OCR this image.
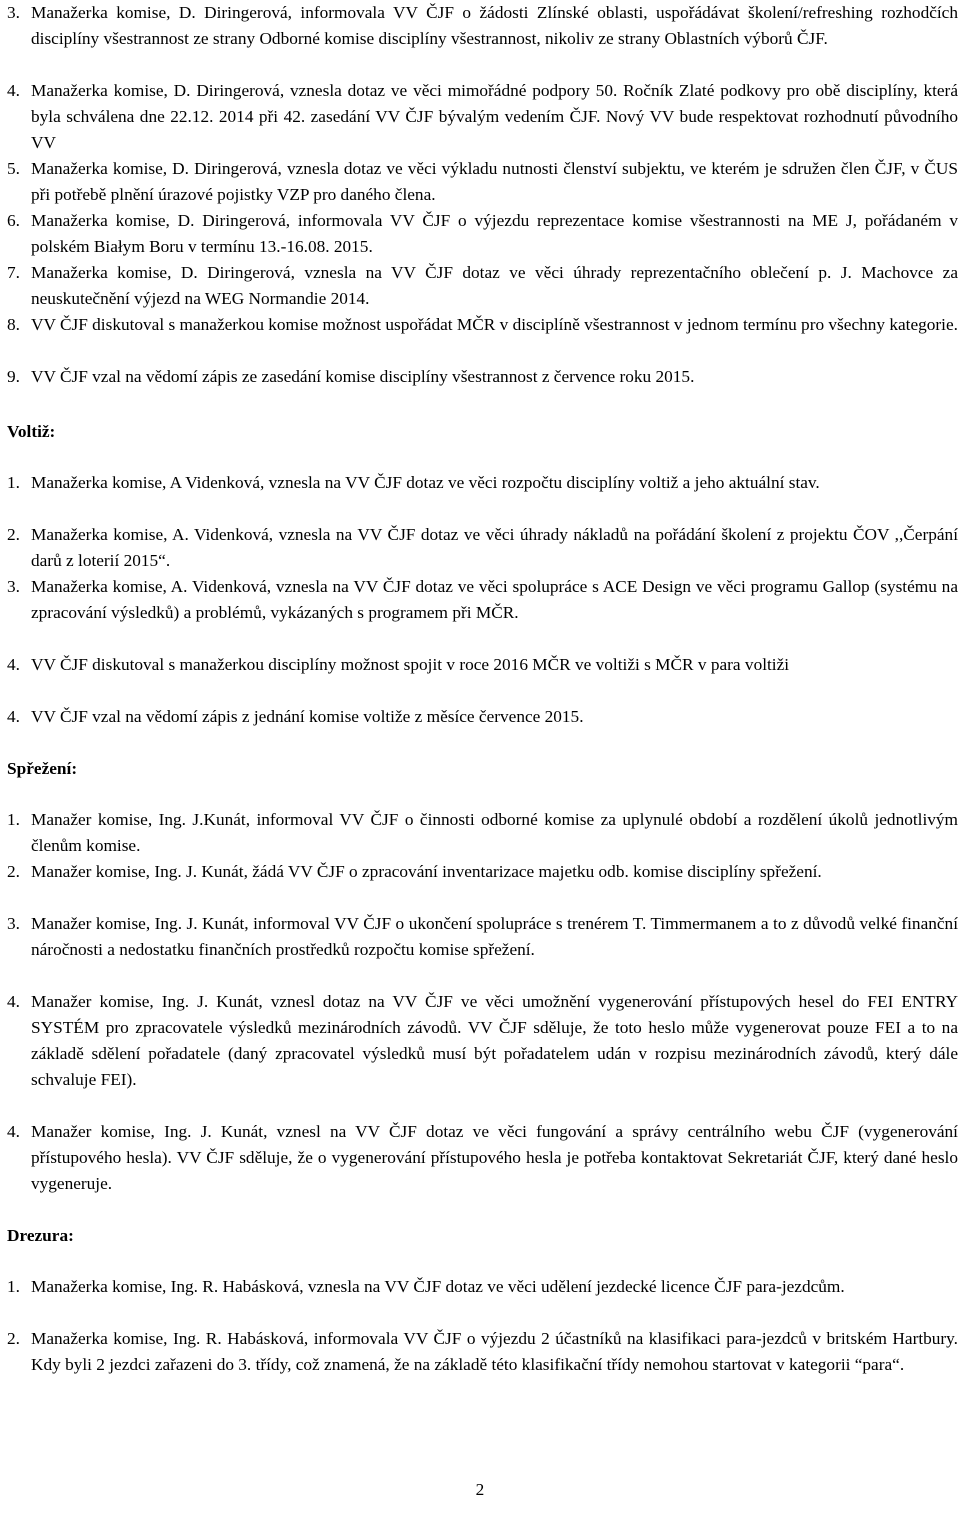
3. Manažerka komise, D. Diringerová, informovala VV ČJF o žádosti Zlínské oblasti, uspořádávat školení/refreshing rozhodčích disciplíny všestrannost ze strany Odborné komise disciplíny všestrannost, nikoliv ze strany Oblastních výborů ČJF.
4. Manažerka komise, D. Diringerová, vznesla dotaz ve věci mimořádné podpory 50. Ročník Zlaté podkovy pro obě disciplíny, která byla schválena dne 22.12. 2014 při 42. zasedání VV ČJF bývalým vedením ČJF. Nový VV bude respektovat rozhodnutí původního VV
5. Manažerka komise, D. Diringerová, vznesla dotaz ve věci výkladu nutnosti členství subjektu, ve kterém je sdružen člen ČJF, v ČUS při potřebě plnění úrazové pojistky VZP pro daného člena.
6. Manažerka komise, D. Diringerová, informovala VV ČJF o výjezdu reprezentace komise všestrannosti na ME J, pořádaném v polském Białym Boru v termínu 13.-16.08. 2015.
7. Manažerka komise, D. Diringerová, vznesla na VV ČJF dotaz ve věci úhrady reprezentačního oblečení p. J. Machovce za neuskutečnění výjezd na WEG Normandie 2014.
8. VV ČJF diskutoval s manažerkou komise možnost uspořádat MČR v disciplíně všestrannost v jednom termínu pro všechny kategorie.
9. VV ČJF vzal na vědomí zápis ze zasedání komise disciplíny všestrannost z července roku 2015.
Voltiž:
1. Manažerka komise, A Videnková, vznesla na VV ČJF dotaz ve věci rozpočtu disciplíny voltiž a jeho aktuální stav.
2. Manažerka komise, A. Videnková, vznesla na VV ČJF dotaz ve věci úhrady nákladů na pořádání školení z projektu ČOV ,,Čerpání darů z loterií 2015“.
3. Manažerka komise, A. Videnková, vznesla na VV ČJF dotaz ve věci spolupráce s ACE Design ve věci programu Gallop (systému na zpracování výsledků) a problémů, vykázaných s programem při MČR.
4. VV ČJF diskutoval s manažerkou disciplíny možnost spojit v roce 2016 MČR ve voltiži s MČR v para voltiži
4. VV ČJF vzal na vědomí zápis z jednání komise voltiže z měsíce července 2015.
Spřežení:
1. Manažer komise, Ing. J.Kunát, informoval VV ČJF o činnosti odborné komise za uplynulé období a rozdělení úkolů jednotlivým členům komise.
2. Manažer komise, Ing. J. Kunát, žádá VV ČJF o zpracování inventarizace majetku odb. komise disciplíny spřežení.
3. Manažer komise, Ing. J. Kunát, informoval VV ČJF o ukončení spolupráce s trenérem T. Timmermanem a to z důvodů velké finanční náročnosti a nedostatku finančních prostředků rozpočtu komise spřežení.
4. Manažer komise, Ing. J. Kunát, vznesl dotaz na VV ČJF ve věci umožnění vygenerování přístupových hesel do FEI ENTRY SYSTÉM pro zpracovatele výsledků mezinárodních závodů. VV ČJF sděluje, že toto heslo může vygenerovat pouze FEI a to na základě sdělení pořadatele (daný zpracovatel výsledků musí být pořadatelem udán v rozpisu mezinárodních závodů, který dále schvaluje FEI).
4. Manažer komise, Ing. J. Kunát, vznesl na VV ČJF dotaz ve věci fungování a správy centrálního webu ČJF (vygenerování přístupového hesla). VV ČJF sděluje, že o vygenerování přístupového hesla je potřeba kontaktovat Sekretariát ČJF, který dané heslo vygeneruje.
Drezura:
1. Manažerka komise, Ing. R. Habásková, vznesla na VV ČJF dotaz ve věci udělení jezdecké licence ČJF para-jezdcům.
2. Manažerka komise, Ing. R. Habásková, informovala VV ČJF o výjezdu 2 účastníků na klasifikaci para-jezdců v britském Hartbury. Kdy byli 2 jezdci zařazeni do 3. třídy, což znamená, že na základě této klasifikační třídy nemohou startovat v kategorii “para“.
2
